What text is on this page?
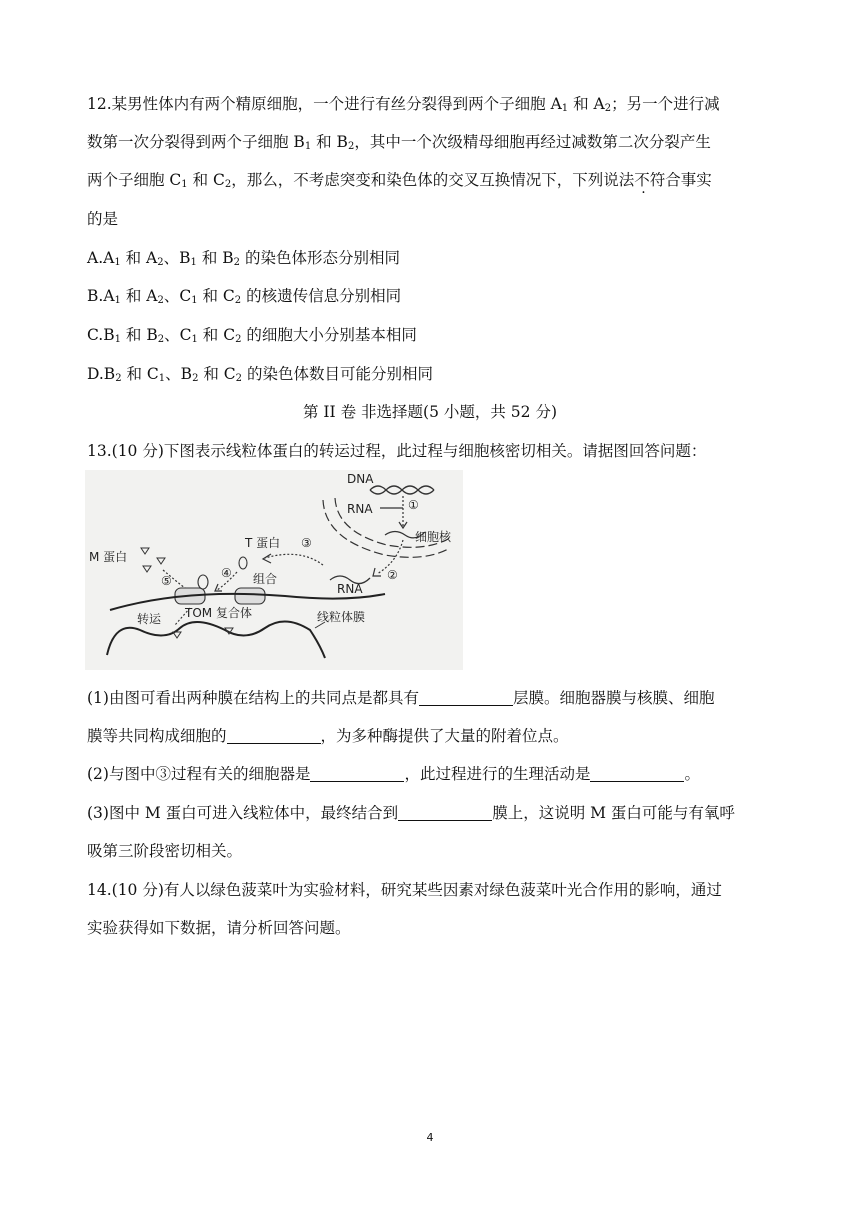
12.某男性体内有两个精原细胞，一个进行有丝分裂得到两个子细胞 $A_1$ 和 $A_2$；另一个进行减
数第一次分裂得到两个子细胞 $B_1$ 和 $B_2$，其中一个次级精母细胞再经过减数第二次分裂产生
两个子细胞 $C_1$ 和 $C_2$，那么，不考虑突变和染色体的交叉互换情况下，下列说法不符合事实
的是
$A.A_1$ 和 $A_2$、$B_1$ 和 $B_2$ 的染色体形态分别相同
$B.A_1$ 和 $A_2$、$C_1$ 和 $C_2$ 的核遗传信息分别相同
$C.B_1$ 和 $B_2$、$C_1$ 和 $C_2$ 的细胞大小分别基本相同
$D.B_2$ 和 $C_1$、$B_2$ 和 $C_2$ 的染色体数目可能分别相同
第 II 卷 非选择题(5 小题，共 52 分)
13.(10 分)下图表示线粒体蛋白的转运过程，此过程与细胞核密切相关。请据图回答问题：
DNA
RNA	①
细胞核
②
RNA
③
T 蛋白
组合
④
M 蛋白
⑤
TOM 复合体
转运	线粒体膜
(1)由图可看出两种膜在结构上的共同点是都具有	层膜。细胞器膜与核膜、细胞
膜等共同构成细胞的	，为多种酶提供了大量的附着位点。
(2)与图中③过程有关的细胞器是	，此过程进行的生理活动是	。
(3)图中 M 蛋白可进入线粒体中，最终结合到	膜上，这说明 M 蛋白可能与有氧呼
吸第三阶段密切相关。
14.(10 分)有人以绿色菠菜叶为实验材料，研究某些因素对绿色菠菜叶光合作用的影响，通过
实验获得如下数据，请分析回答问题。
4
